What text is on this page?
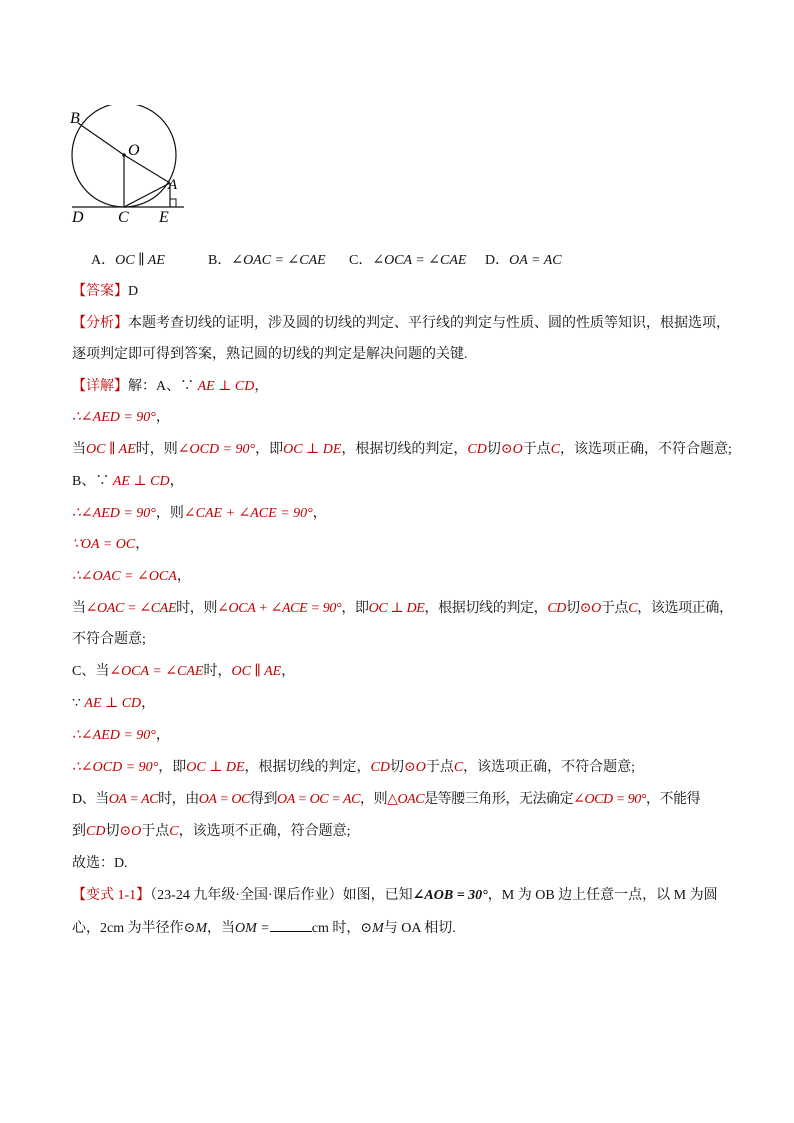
B
O
A
D C E
A．OC ∥ AE	B．∠OAC = ∠CAE C．∠OCA = ∠CAE D．OA = AC
【答案】D
【分析】本题考查切线的证明，涉及圆的切线的判定、平行线的判定与性质、圆的性质等知识，根据选项，
逐项判定即可得到答案，熟记圆的切线的判定是解决问题的关键.
【详解】解：A、∵ AE ⊥ CD，
∴∠AED = 90°，
当OC ∥ AE时，则∠OCD = 90°，即OC ⊥ DE，根据切线的判定，CD切⊙O于点C，该选项正确，不符合题意;
B、∵ AE ⊥ CD，
∴∠AED = 90°，则∠CAE + ∠ACE = 90°，
∵OA = OC，
∴∠OAC = ∠OCA，
当∠OAC = ∠CAE时，则∠OCA + ∠ACE = 90°，即OC ⊥ DE，根据切线的判定，CD切⊙O于点C，该选项正确，
不符合题意;
C、当∠OCA = ∠CAE时，OC ∥ AE，
∵ AE ⊥ CD，
∴∠AED = 90°，
∴∠OCD = 90°，即OC ⊥ DE，根据切线的判定，CD切⊙O于点C，该选项正确，不符合题意;
D、当OA = AC时，由OA = OC得到OA = OC = AC，则△OAC是等腰三角形，无法确定∠OCD = 90°，不能得
到CD切⊙O于点C，该选项不正确，符合题意;
故选：D.
【变式 1-1】（23-24 九年级·全国·课后作业）如图，已知∠AOB = 30°，M 为 OB 边上任意一点，以 M 为圆
心，2cm 为半径作⊙M，当OM =	cm 时，⊙M与 OA 相切.
